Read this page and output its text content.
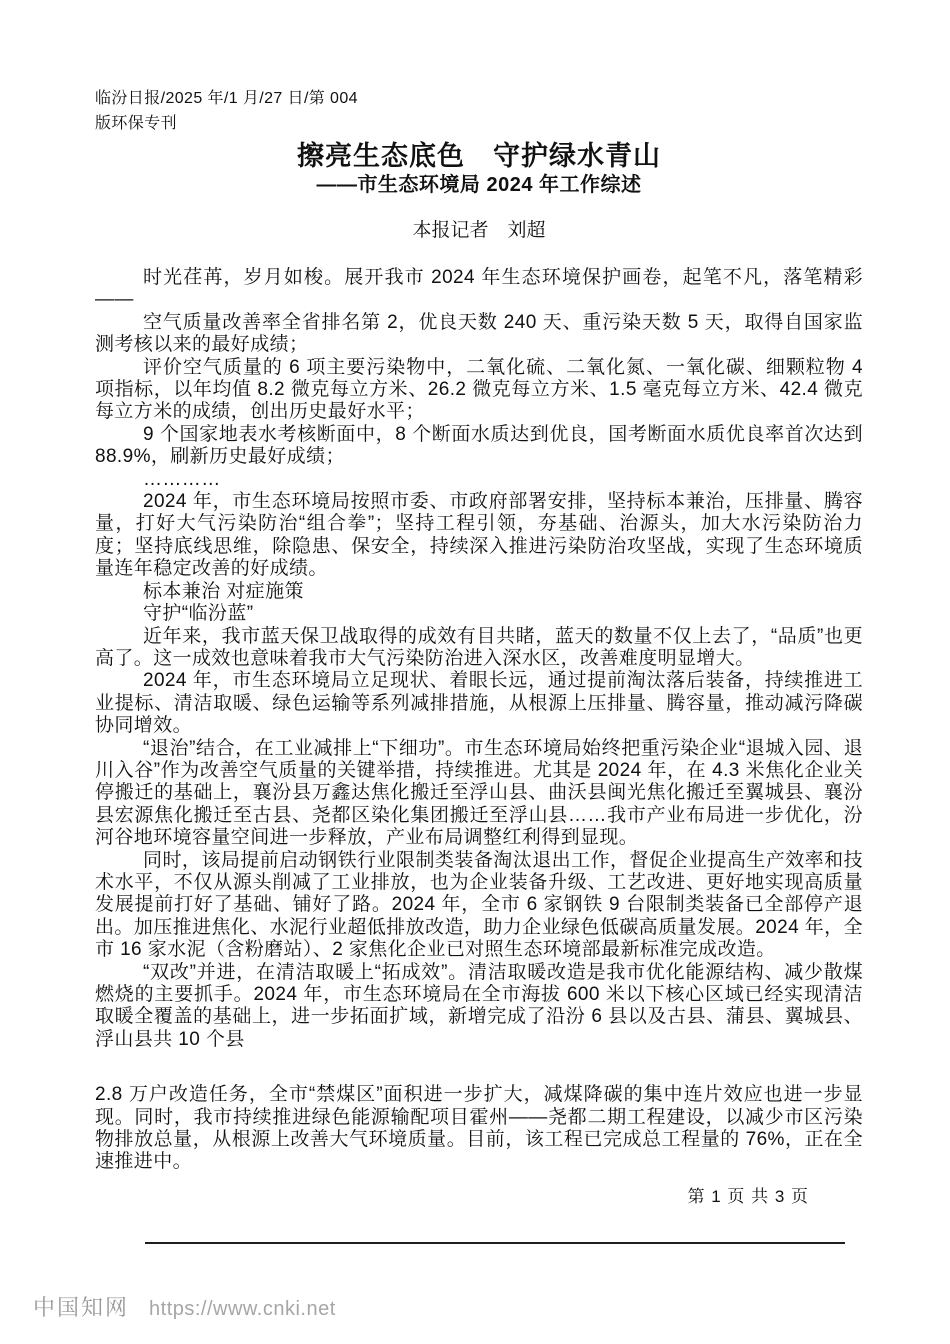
临汾日报/2025 年/1 月/27 日/第 004

版环保专刊

擦亮生态底色　守护绿水青山
——市生态环境局 2024 年工作综述

本报记者　刘超

时光荏苒，岁月如梭。展开我市 2024 年生态环境保护画卷，起笔不凡，落笔精彩——

空气质量改善率全省排名第 2，优良天数 240 天、重污染天数 5 天，取得自国家监测考核以来的最好成绩；

评价空气质量的 6 项主要污染物中，二氧化硫、二氧化氮、一氧化碳、细颗粒物 4 项指标，以年均值 8.2 微克每立方米、26.2 微克每立方米、1.5 毫克每立方米、42.4 微克每立方米的成绩，创出历史最好水平；

9 个国家地表水考核断面中，8 个断面水质达到优良，国考断面水质优良率首次达到 88.9%，刷新历史最好成绩；

…………

2024 年，市生态环境局按照市委、市政府部署安排，坚持标本兼治，压排量、腾容量，打好大气污染防治“组合拳”；坚持工程引领，夯基础、治源头，加大水污染防治力度；坚持底线思维，除隐患、保安全，持续深入推进污染防治攻坚战，实现了生态环境质量连年稳定改善的好成绩。

标本兼治 对症施策

守护“临汾蓝”

近年来，我市蓝天保卫战取得的成效有目共睹，蓝天的数量不仅上去了，“品质”也更高了。这一成效也意味着我市大气污染防治进入深水区，改善难度明显增大。

2024 年，市生态环境局立足现状、着眼长远，通过提前淘汰落后装备，持续推进工业提标、清洁取暖、绿色运输等系列减排措施，从根源上压排量、腾容量，推动减污降碳协同增效。

“退治”结合，在工业减排上“下细功”。市生态环境局始终把重污染企业“退城入园、退川入谷”作为改善空气质量的关键举措，持续推进。尤其是 2024 年，在 4.3 米焦化企业关停搬迁的基础上，襄汾县万鑫达焦化搬迁至浮山县、曲沃县闽光焦化搬迁至翼城县、襄汾县宏源焦化搬迁至古县、尧都区染化集团搬迁至浮山县……我市产业布局进一步优化，汾河谷地环境容量空间进一步释放，产业布局调整红利得到显现。

同时，该局提前启动钢铁行业限制类装备淘汰退出工作，督促企业提高生产效率和技术水平，不仅从源头削减了工业排放，也为企业装备升级、工艺改进、更好地实现高质量发展提前打好了基础、铺好了路。2024 年，全市 6 家钢铁 9 台限制类装备已全部停产退出。加压推进焦化、水泥行业超低排放改造，助力企业绿色低碳高质量发展。2024 年，全市 16 家水泥（含粉磨站）、2 家焦化企业已对照生态环境部最新标准完成改造。

“双改”并进，在清洁取暖上“拓成效”。清洁取暖改造是我市优化能源结构、减少散煤燃烧的主要抓手。2024 年，市生态环境局在全市海拔 600 米以下核心区域已经实现清洁取暖全覆盖的基础上，进一步拓面扩域，新增完成了沿汾 6 县以及古县、蒲县、翼城县、浮山县共 10 个县

2.8 万户改造任务，全市“禁煤区”面积进一步扩大，减煤降碳的集中连片效应也进一步显现。同时，我市持续推进绿色能源输配项目霍州——尧都二期工程建设，以减少市区污染物排放总量，从根源上改善大气环境质量。目前，该工程已完成总工程量的 76%，正在全速推进中。

第 1 页 共 3 页

中国知网 https://www.cnki.net
